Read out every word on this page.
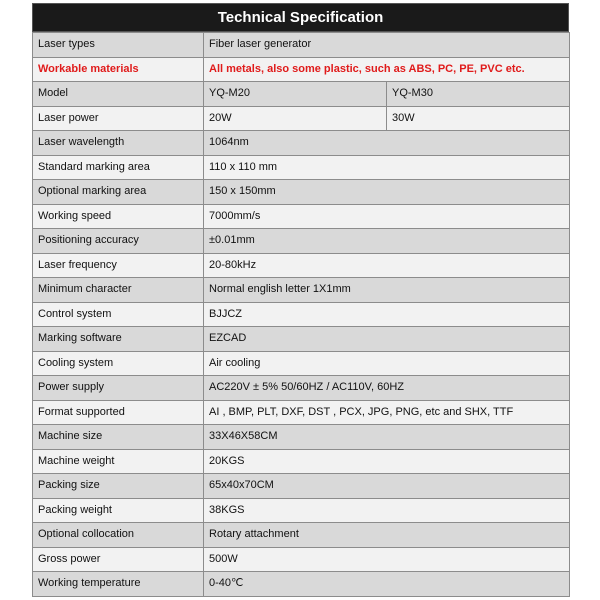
Technical Specification
Laser types	Fiber laser generator	
Workable materials	All metals, also some plastic, such as ABS, PC, PE, PVC etc.	
Model	YQ-M20	YQ-M30
Laser power	20W	30W
Laser wavelength	1064nm	
Standard marking area	110 x 110 mm	
Optional marking area	150 x 150mm	
Working speed	7000mm/s	
Positioning accuracy	±0.01mm	
Laser frequency	20-80kHz	
Minimum character	Normal english letter 1X1mm	
Control system	BJJCZ	
Marking software	EZCAD	
Cooling system	Air cooling	
Power supply	AC220V ± 5% 50/60HZ / AC110V, 60HZ	
Format supported	AI , BMP, PLT, DXF, DST , PCX, JPG, PNG, etc and SHX, TTF	
Machine size	33X46X58CM	
Machine weight	20KGS	
Packing size	65x40x70CM	
Packing weight	38KGS	
Optional collocation	Rotary attachment	
Gross power	500W	
Working temperature	0-40℃	
